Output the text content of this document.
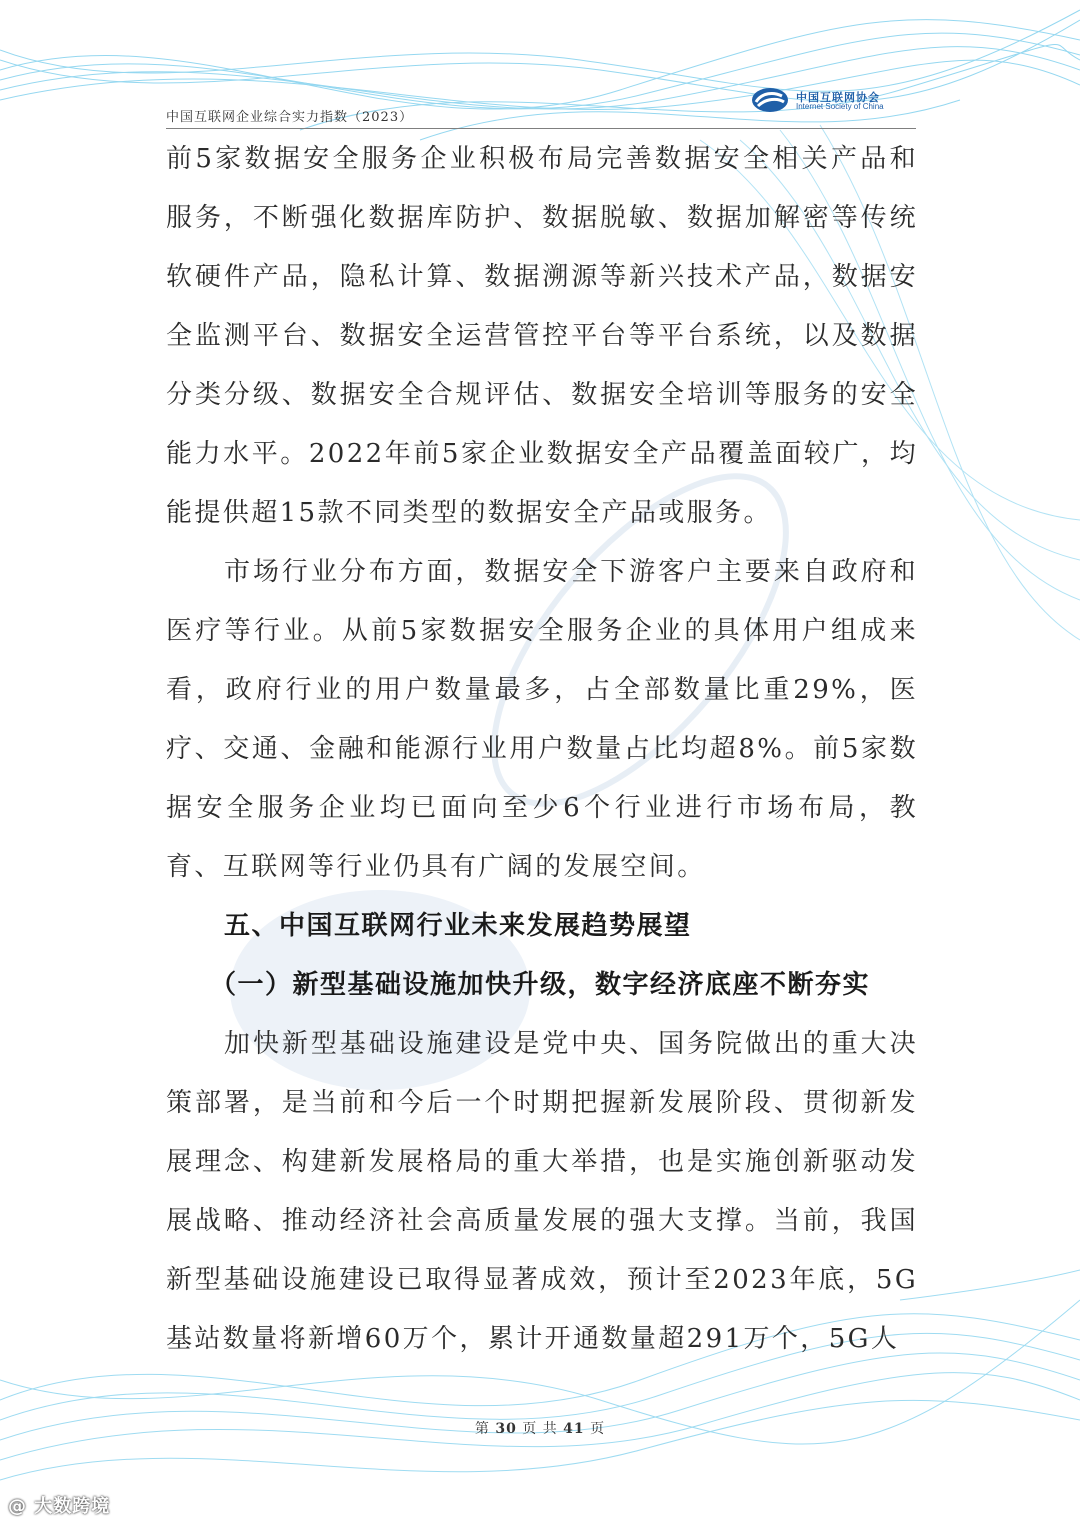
中国互联网企业综合实力指数（2023）
中国互联网协会
Internet Society of China

前5家数据安全服务企业积极布局完善数据安全相关产品和服务，不断强化数据库防护、数据脱敏、数据加解密等传统软硬件产品，隐私计算、数据溯源等新兴技术产品，数据安全监测平台、数据安全运营管控平台等平台系统，以及数据分类分级、数据安全合规评估、数据安全培训等服务的安全能力水平。2022年前5家企业数据安全产品覆盖面较广，均能提供超15款不同类型的数据安全产品或服务。

市场行业分布方面，数据安全下游客户主要来自政府和医疗等行业。从前5家数据安全服务企业的具体用户组成来看，政府行业的用户数量最多，占全部数量比重29%，医疗、交通、金融和能源行业用户数量占比均超8%。前5家数据安全服务企业均已面向至少6个行业进行市场布局，教育、互联网等行业仍具有广阔的发展空间。

五、中国互联网行业未来发展趋势展望
（一）新型基础设施加快升级，数字经济底座不断夯实

加快新型基础设施建设是党中央、国务院做出的重大决策部署，是当前和今后一个时期把握新发展阶段、贯彻新发展理念、构建新发展格局的重大举措，也是实施创新驱动发展战略、推动经济社会高质量发展的强大支撑。当前，我国新型基础设施建设已取得显著成效，预计至2023年底，5G基站数量将新增60万个，累计开通数量超291万个，5G人

第 30 页 共 41 页
@ 大数跨境
